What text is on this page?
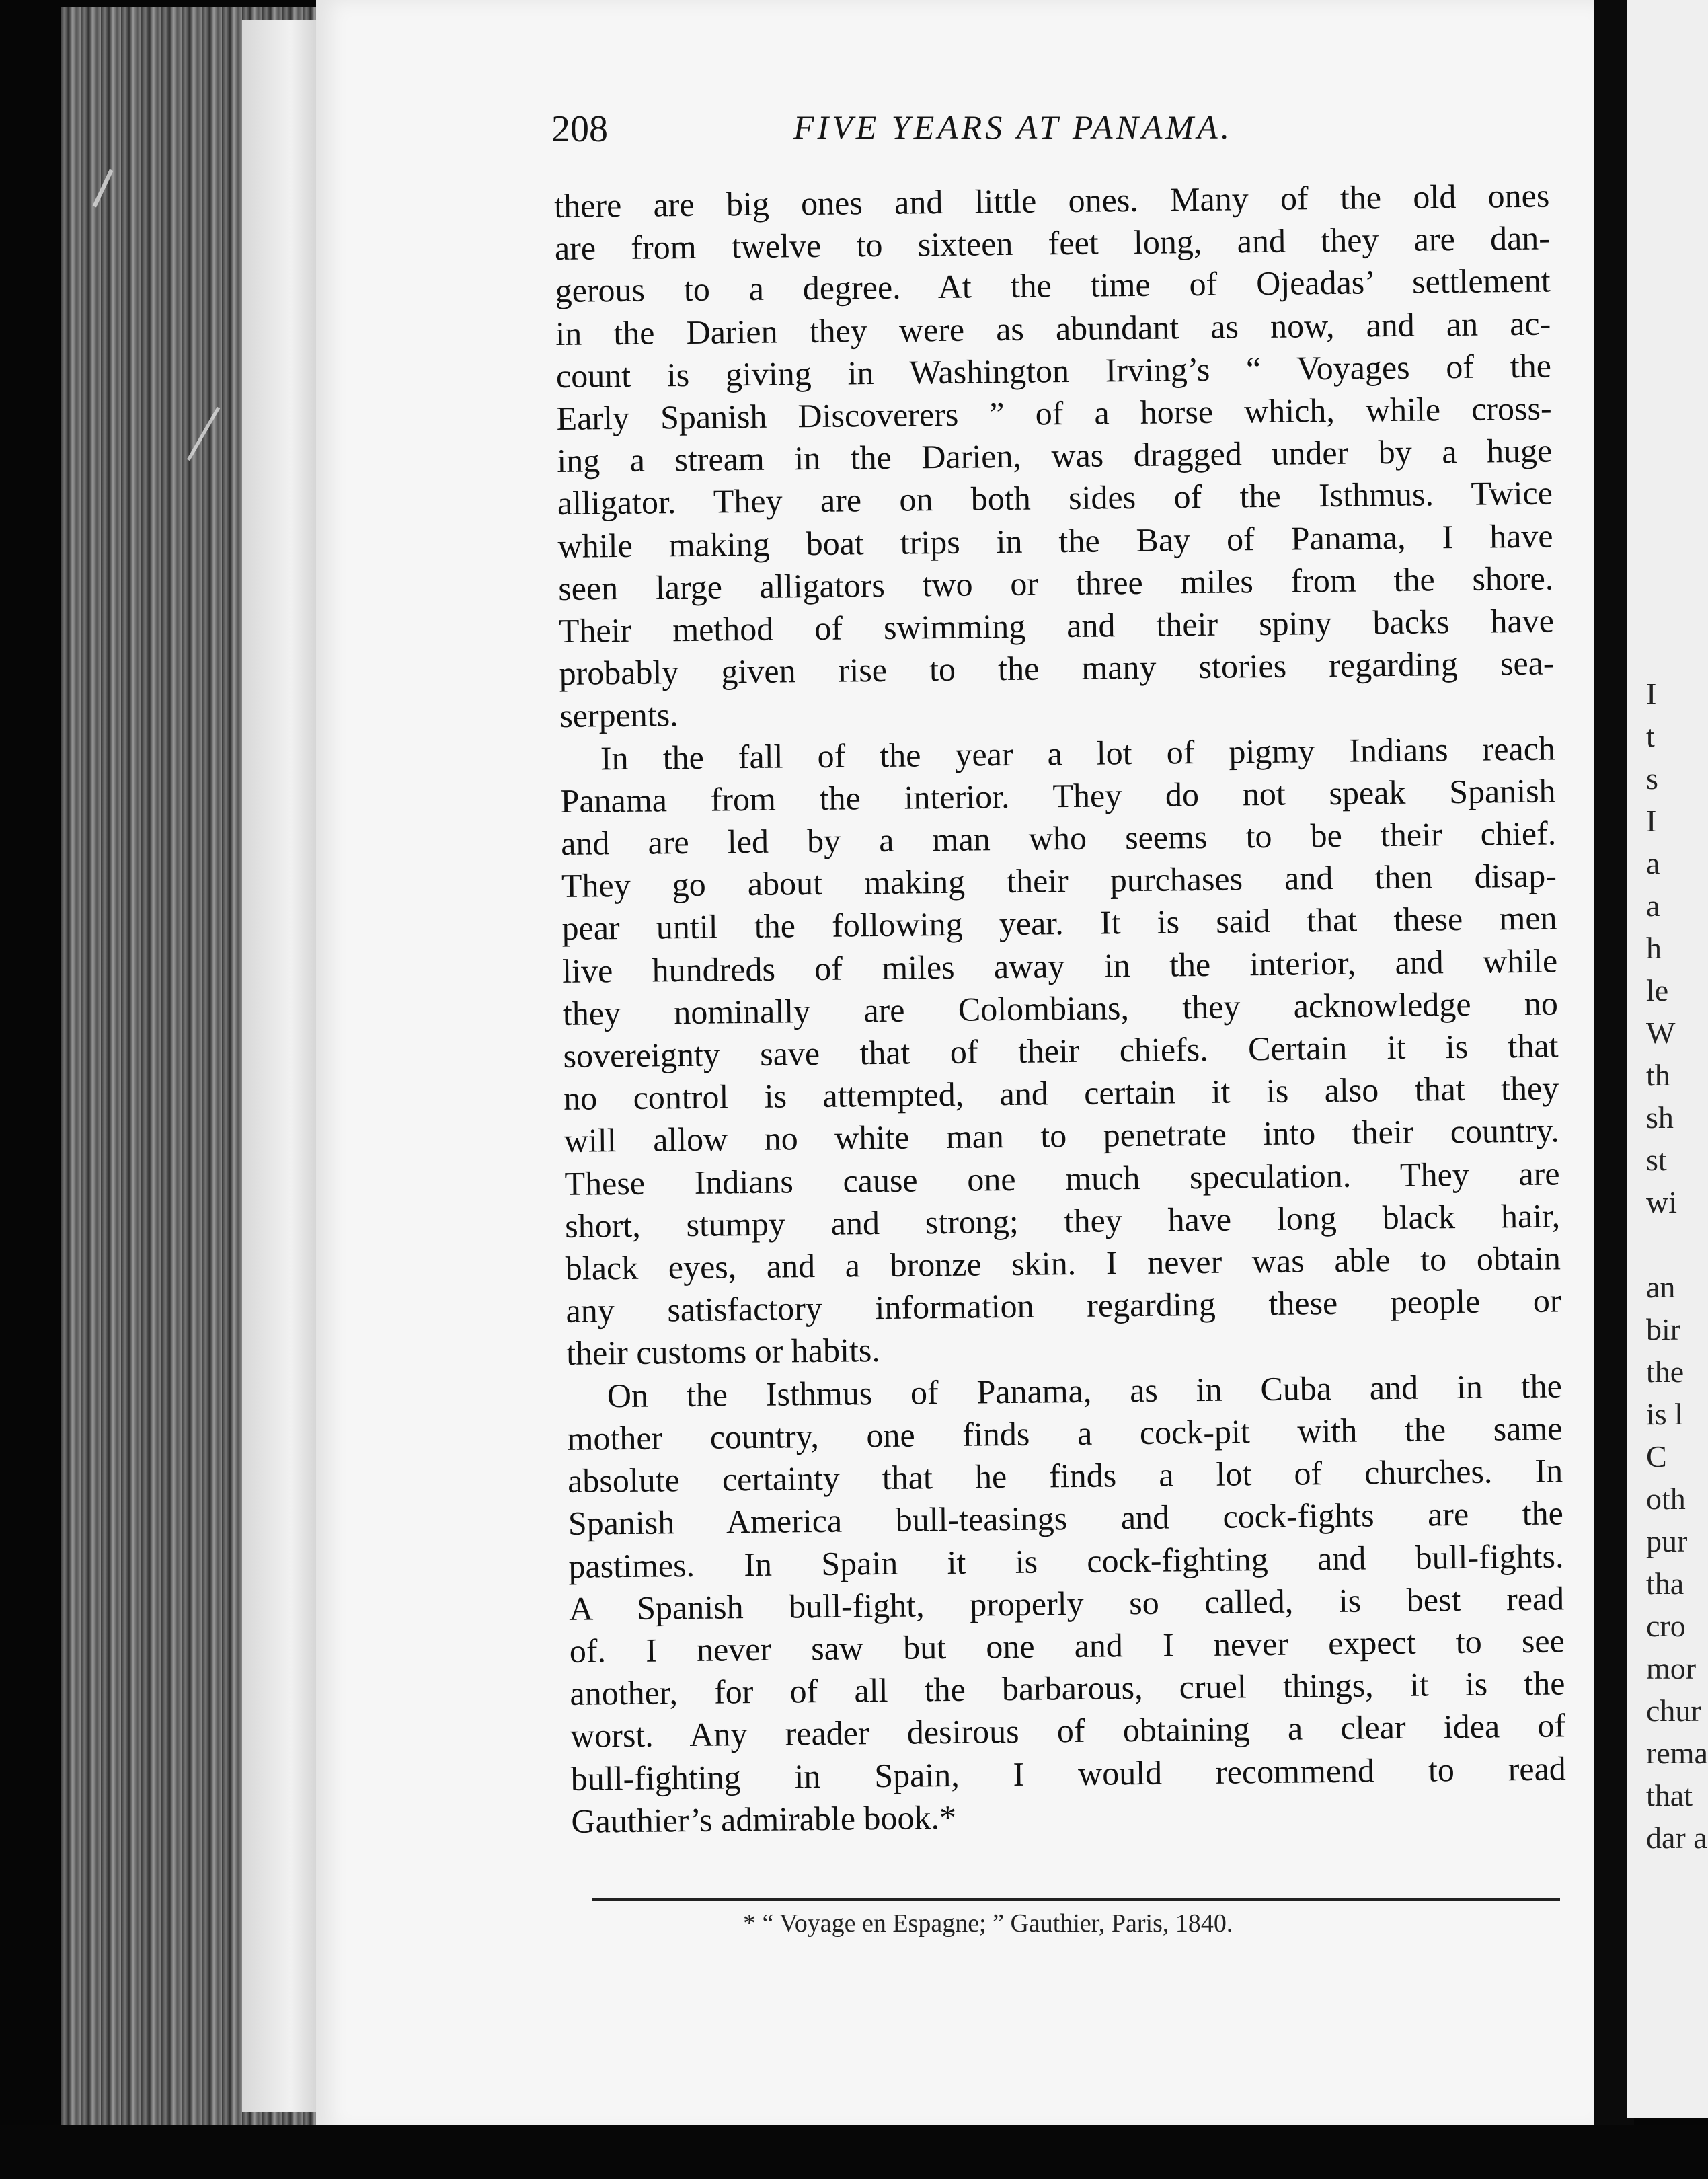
208	FIVE YEARS AT PANAMA.
there are big ones and little ones. Many of the old ones
are from twelve to sixteen feet long, and they are dan-
gerous to a degree. At the time of Ojeadas’ settlement
in the Darien they were as abundant as now, and an ac-
count is giving in Washington Irving’s “ Voyages of the
Early Spanish Discoverers ” of a horse which, while cross-
ing a stream in the Darien, was dragged under by a huge
alligator. They are on both sides of the Isthmus. Twice
while making boat trips in the Bay of Panama, I have
seen large alligators two or three miles from the shore.
Their method of swimming and their spiny backs have
probably given rise to the many stories regarding sea-
serpents.
In the fall of the year a lot of pigmy Indians reach
Panama from the interior. They do not speak Spanish
and are led by a man who seems to be their chief.
They go about making their purchases and then disap-
pear until the following year. It is said that these men
live hundreds of miles away in the interior, and while
they nominally are Colombians, they acknowledge no
sovereignty save that of their chiefs. Certain it is that
no control is attempted, and certain it is also that they
will allow no white man to penetrate into their country.
These Indians cause one much speculation. They are
short, stumpy and strong; they have long black hair,
black eyes, and a bronze skin. I never was able to obtain
any satisfactory information regarding these people or
their customs or habits.
On the Isthmus of Panama, as in Cuba and in the
mother country, one finds a cock-pit with the same
absolute certainty that he finds a lot of churches. In
Spanish America bull-teasings and cock-fights are the
pastimes. In Spain it is cock-fighting and bull-fights.
A Spanish bull-fight, properly so called, is best read
of. I never saw but one and I never expect to see
another, for of all the barbarous, cruel things, it is the
worst. Any reader desirous of obtaining a clear idea of
bull-fighting in Spain, I would recommend to read
Gauthier’s admirable book.*
* “ Voyage en Espagne; ” Gauthier, Paris, 1840.
I
t
s
I
a
a
h
le
W
th
sh
st
wi

an
bir
the
is l
C
oth
pur
tha
cro
mor
chur
rema
that
dar a
